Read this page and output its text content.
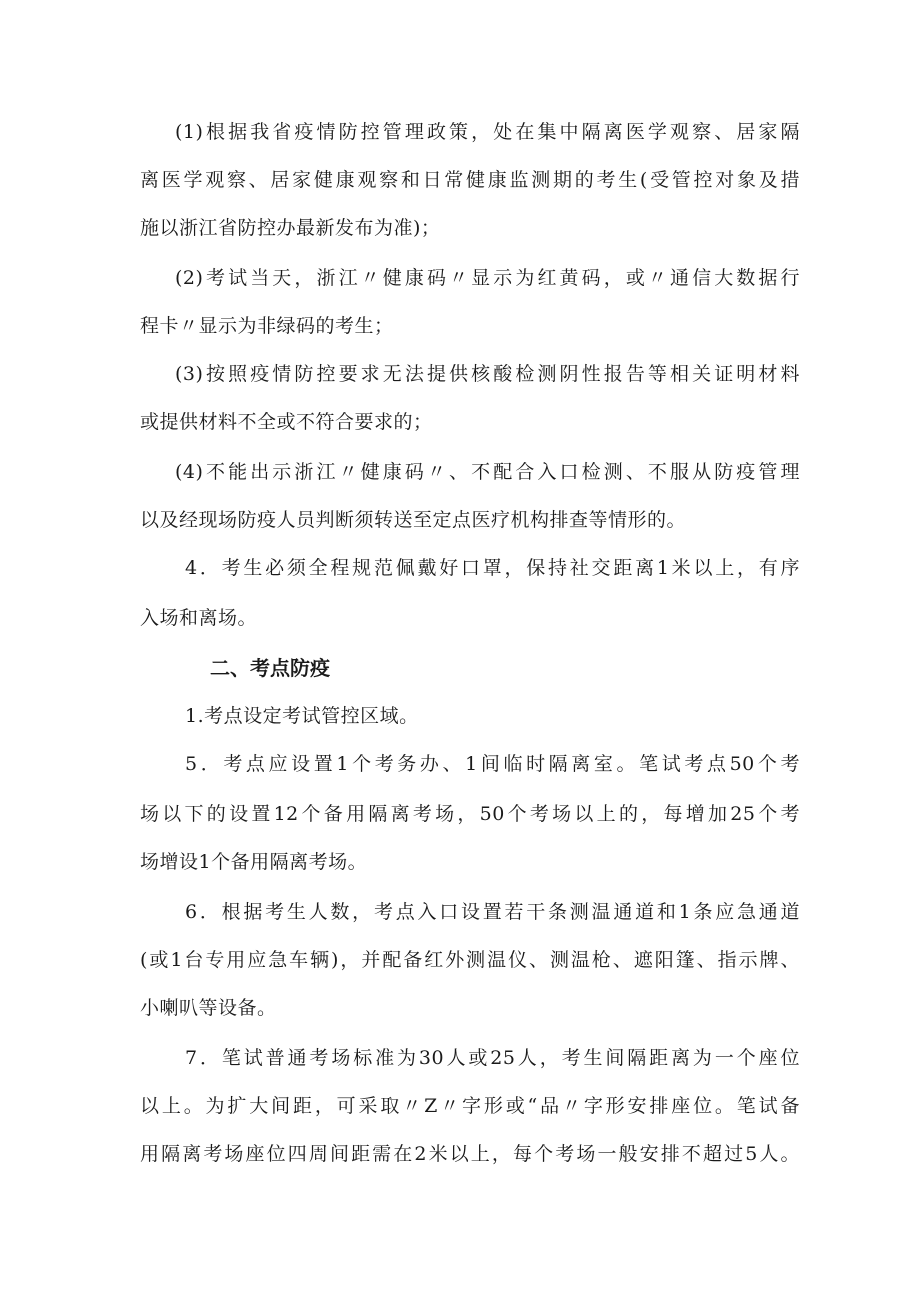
(1)根据我省疫情防控管理政策，处在集中隔离医学观察、居家隔
离医学观察、居家健康观察和日常健康监测期的考生(受管控对象及措
施以浙江省防控办最新发布为准)；
(2)考试当天，浙江〃健康码〃显示为红黄码，或〃通信大数据行
程卡〃显示为非绿码的考生；
(3)按照疫情防控要求无法提供核酸检测阴性报告等相关证明材料
或提供材料不全或不符合要求的；
(4)不能出示浙江〃健康码〃、不配合入口检测、不服从防疫管理
以及经现场防疫人员判断须转送至定点医疗机构排查等情形的。
4．考生必须全程规范佩戴好口罩，保持社交距离1米以上，有序
入场和离场。
二、考点防疫
1.考点设定考试管控区域。
5．考点应设置1个考务办、1间临时隔离室。笔试考点50个考
场以下的设置12个备用隔离考场，50个考场以上的，每增加25个考
场增设1个备用隔离考场。
6．根据考生人数，考点入口设置若干条测温通道和1条应急通道
(或1台专用应急车辆)，并配备红外测温仪、测温枪、遮阳篷、指示牌、
小喇叭等设备。
7．笔试普通考场标准为30人或25人，考生间隔距离为一个座位
以上。为扩大间距，可采取〃Z〃字形或“品〃字形安排座位。笔试备
用隔离考场座位四周间距需在2米以上，每个考场一般安排不超过5人。
